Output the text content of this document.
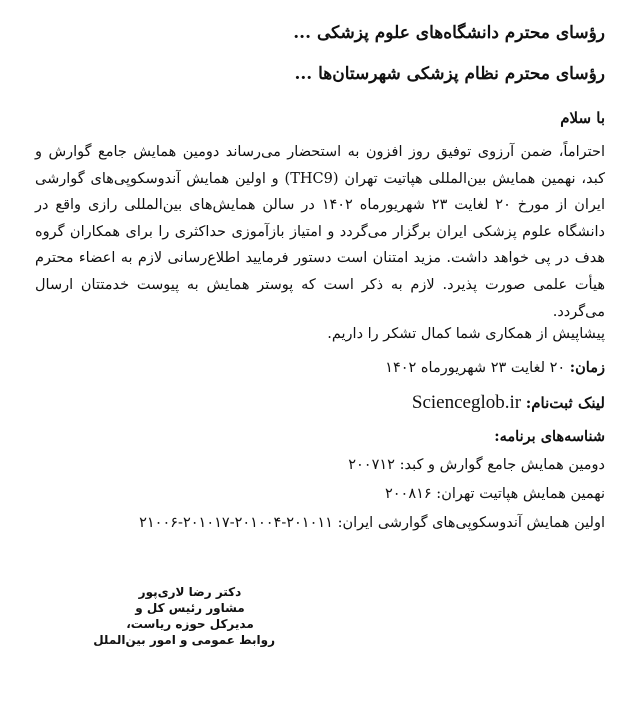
رؤسای محترم دانشگاه‌های علوم پزشکی ...
رؤسای محترم نظام پزشکی شهرستان‌ها ...
با سلام
احتراماً، ضمن آرزوی توفیق روز افزون به استحضار می‌رساند دومین همایش جامع گوارش و کبد، نهمین همایش بین‌المللی هپاتیت تهران (THC9) و اولین همایش آندوسکوپی‌های گوارشی ایران از مورخ ۲۰ لغایت ۲۳ شهریورماه ۱۴۰۲ در سالن همایش‌های بین‌المللی رازی واقع در دانشگاه علوم پزشکی ایران برگزار می‌گردد و امتیاز بازآموزی حداکثری را برای همکاران گروه هدف در پی خواهد داشت. مزید امتنان است دستور فرمایید اطلاع‌رسانی لازم به اعضاء محترم هیأت علمی صورت پذیرد. لازم به ذکر است که پوستر همایش به پیوست خدمتتان ارسال می‌گردد.
پیشاپیش از همکاری شما کمال تشکر را داریم.
زمان: ۲۰ لغایت ۲۳ شهریورماه ۱۴۰۲
لینک ثبت‌نام: Scienceglob.ir
شناسه‌های برنامه:
دومین همایش جامع گوارش و کبد: ۲۰۰۷۱۲
نهمین همایش هپاتیت تهران: ۲۰۰۸۱۶
اولین همایش آندوسکوپی‌های گوارشی ایران: ۲۰۱۰۱۱-۲۰۱۰۰۴-۲۰۱۰۱۷-۲۱۰۰۶
دکتر رضا لاری‌پور
مشاور رئیس کل و
مدیرکل حوزه ریاست،
روابط عمومی و امور بین‌الملل
